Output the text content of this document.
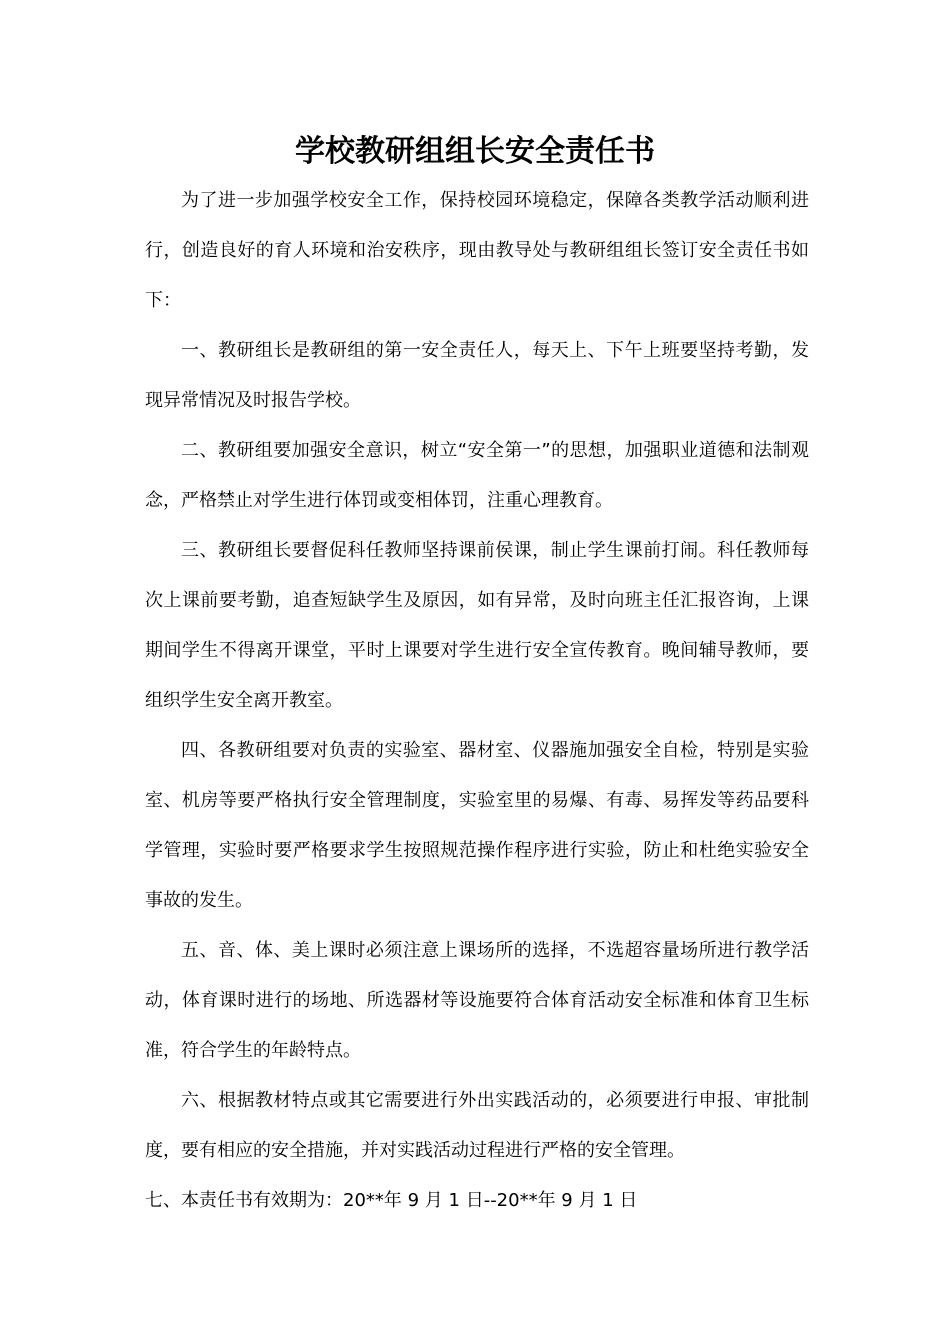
学校教研组组长安全责任书

为了进一步加强学校安全工作，保持校园环境稳定，保障各类教学活动顺利进行，创造良好的育人环境和治安秩序，现由教导处与教研组组长签订安全责任书如下：

一、教研组长是教研组的第一安全责任人，每天上、下午上班要坚持考勤，发现异常情况及时报告学校。

二、教研组要加强安全意识，树立“安全第一”的思想，加强职业道德和法制观念，严格禁止对学生进行体罚或变相体罚，注重心理教育。

三、教研组长要督促科任教师坚持课前侯课，制止学生课前打闹。科任教师每次上课前要考勤，追查短缺学生及原因，如有异常，及时向班主任汇报咨询，上课期间学生不得离开课堂，平时上课要对学生进行安全宣传教育。晚间辅导教师，要组织学生安全离开教室。

四、各教研组要对负责的实验室、器材室、仪器施加强安全自检，特别是实验室、机房等要严格执行安全管理制度，实验室里的易爆、有毒、易挥发等药品要科学管理，实验时要严格要求学生按照规范操作程序进行实验，防止和杜绝实验安全事故的发生。

五、音、体、美上课时必须注意上课场所的选择，不选超容量场所进行教学活动，体育课时进行的场地、所选器材等设施要符合体育活动安全标准和体育卫生标准，符合学生的年龄特点。

六、根据教材特点或其它需要进行外出实践活动的，必须要进行申报、审批制度，要有相应的安全措施，并对实践活动过程进行严格的安全管理。

七、本责任书有效期为：20**年 9 月 1 日--20**年 9 月 1 日
